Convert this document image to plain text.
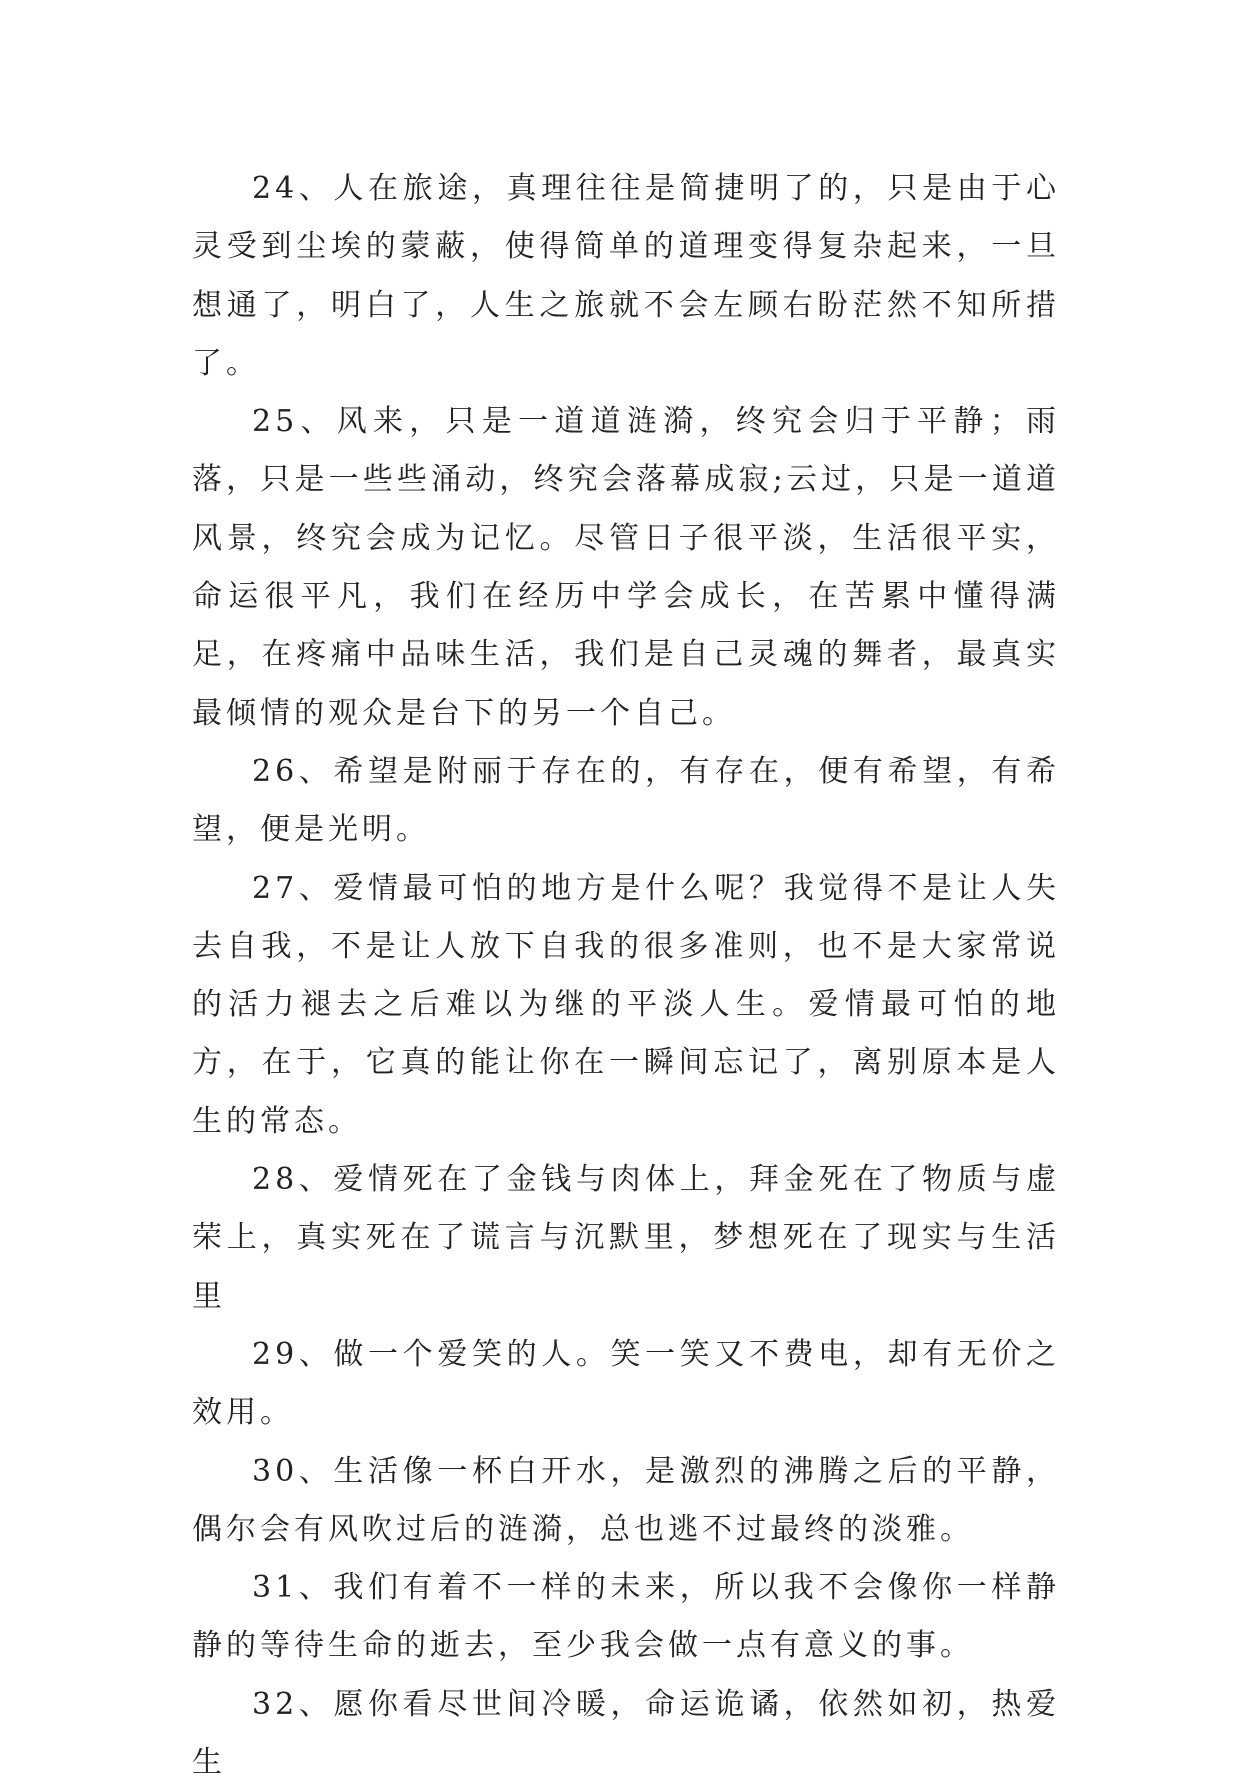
24、人在旅途，真理往往是简捷明了的，只是由于心灵受到尘埃的蒙蔽，使得简单的道理变得复杂起来，一旦想通了，明白了，人生之旅就不会左顾右盼茫然不知所措了。

25、风来，只是一道道涟漪，终究会归于平静；雨落，只是一些些涌动，终究会落幕成寂;云过，只是一道道风景，终究会成为记忆。尽管日子很平淡，生活很平实，命运很平凡，我们在经历中学会成长，在苦累中懂得满足，在疼痛中品味生活，我们是自己灵魂的舞者，最真实最倾情的观众是台下的另一个自己。

26、希望是附丽于存在的，有存在，便有希望，有希望，便是光明。

27、爱情最可怕的地方是什么呢？我觉得不是让人失去自我，不是让人放下自我的很多准则，也不是大家常说的活力褪去之后难以为继的平淡人生。爱情最可怕的地方，在于，它真的能让你在一瞬间忘记了，离别原本是人生的常态。

28、爱情死在了金钱与肉体上，拜金死在了物质与虚荣上，真实死在了谎言与沉默里，梦想死在了现实与生活里

29、做一个爱笑的人。笑一笑又不费电，却有无价之效用。

30、生活像一杯白开水，是激烈的沸腾之后的平静，偶尔会有风吹过后的涟漪，总也逃不过最终的淡雅。

31、我们有着不一样的未来，所以我不会像你一样静静的等待生命的逝去，至少我会做一点有意义的事。

32、愿你看尽世间冷暖，命运诡谲，依然如初，热爱生
